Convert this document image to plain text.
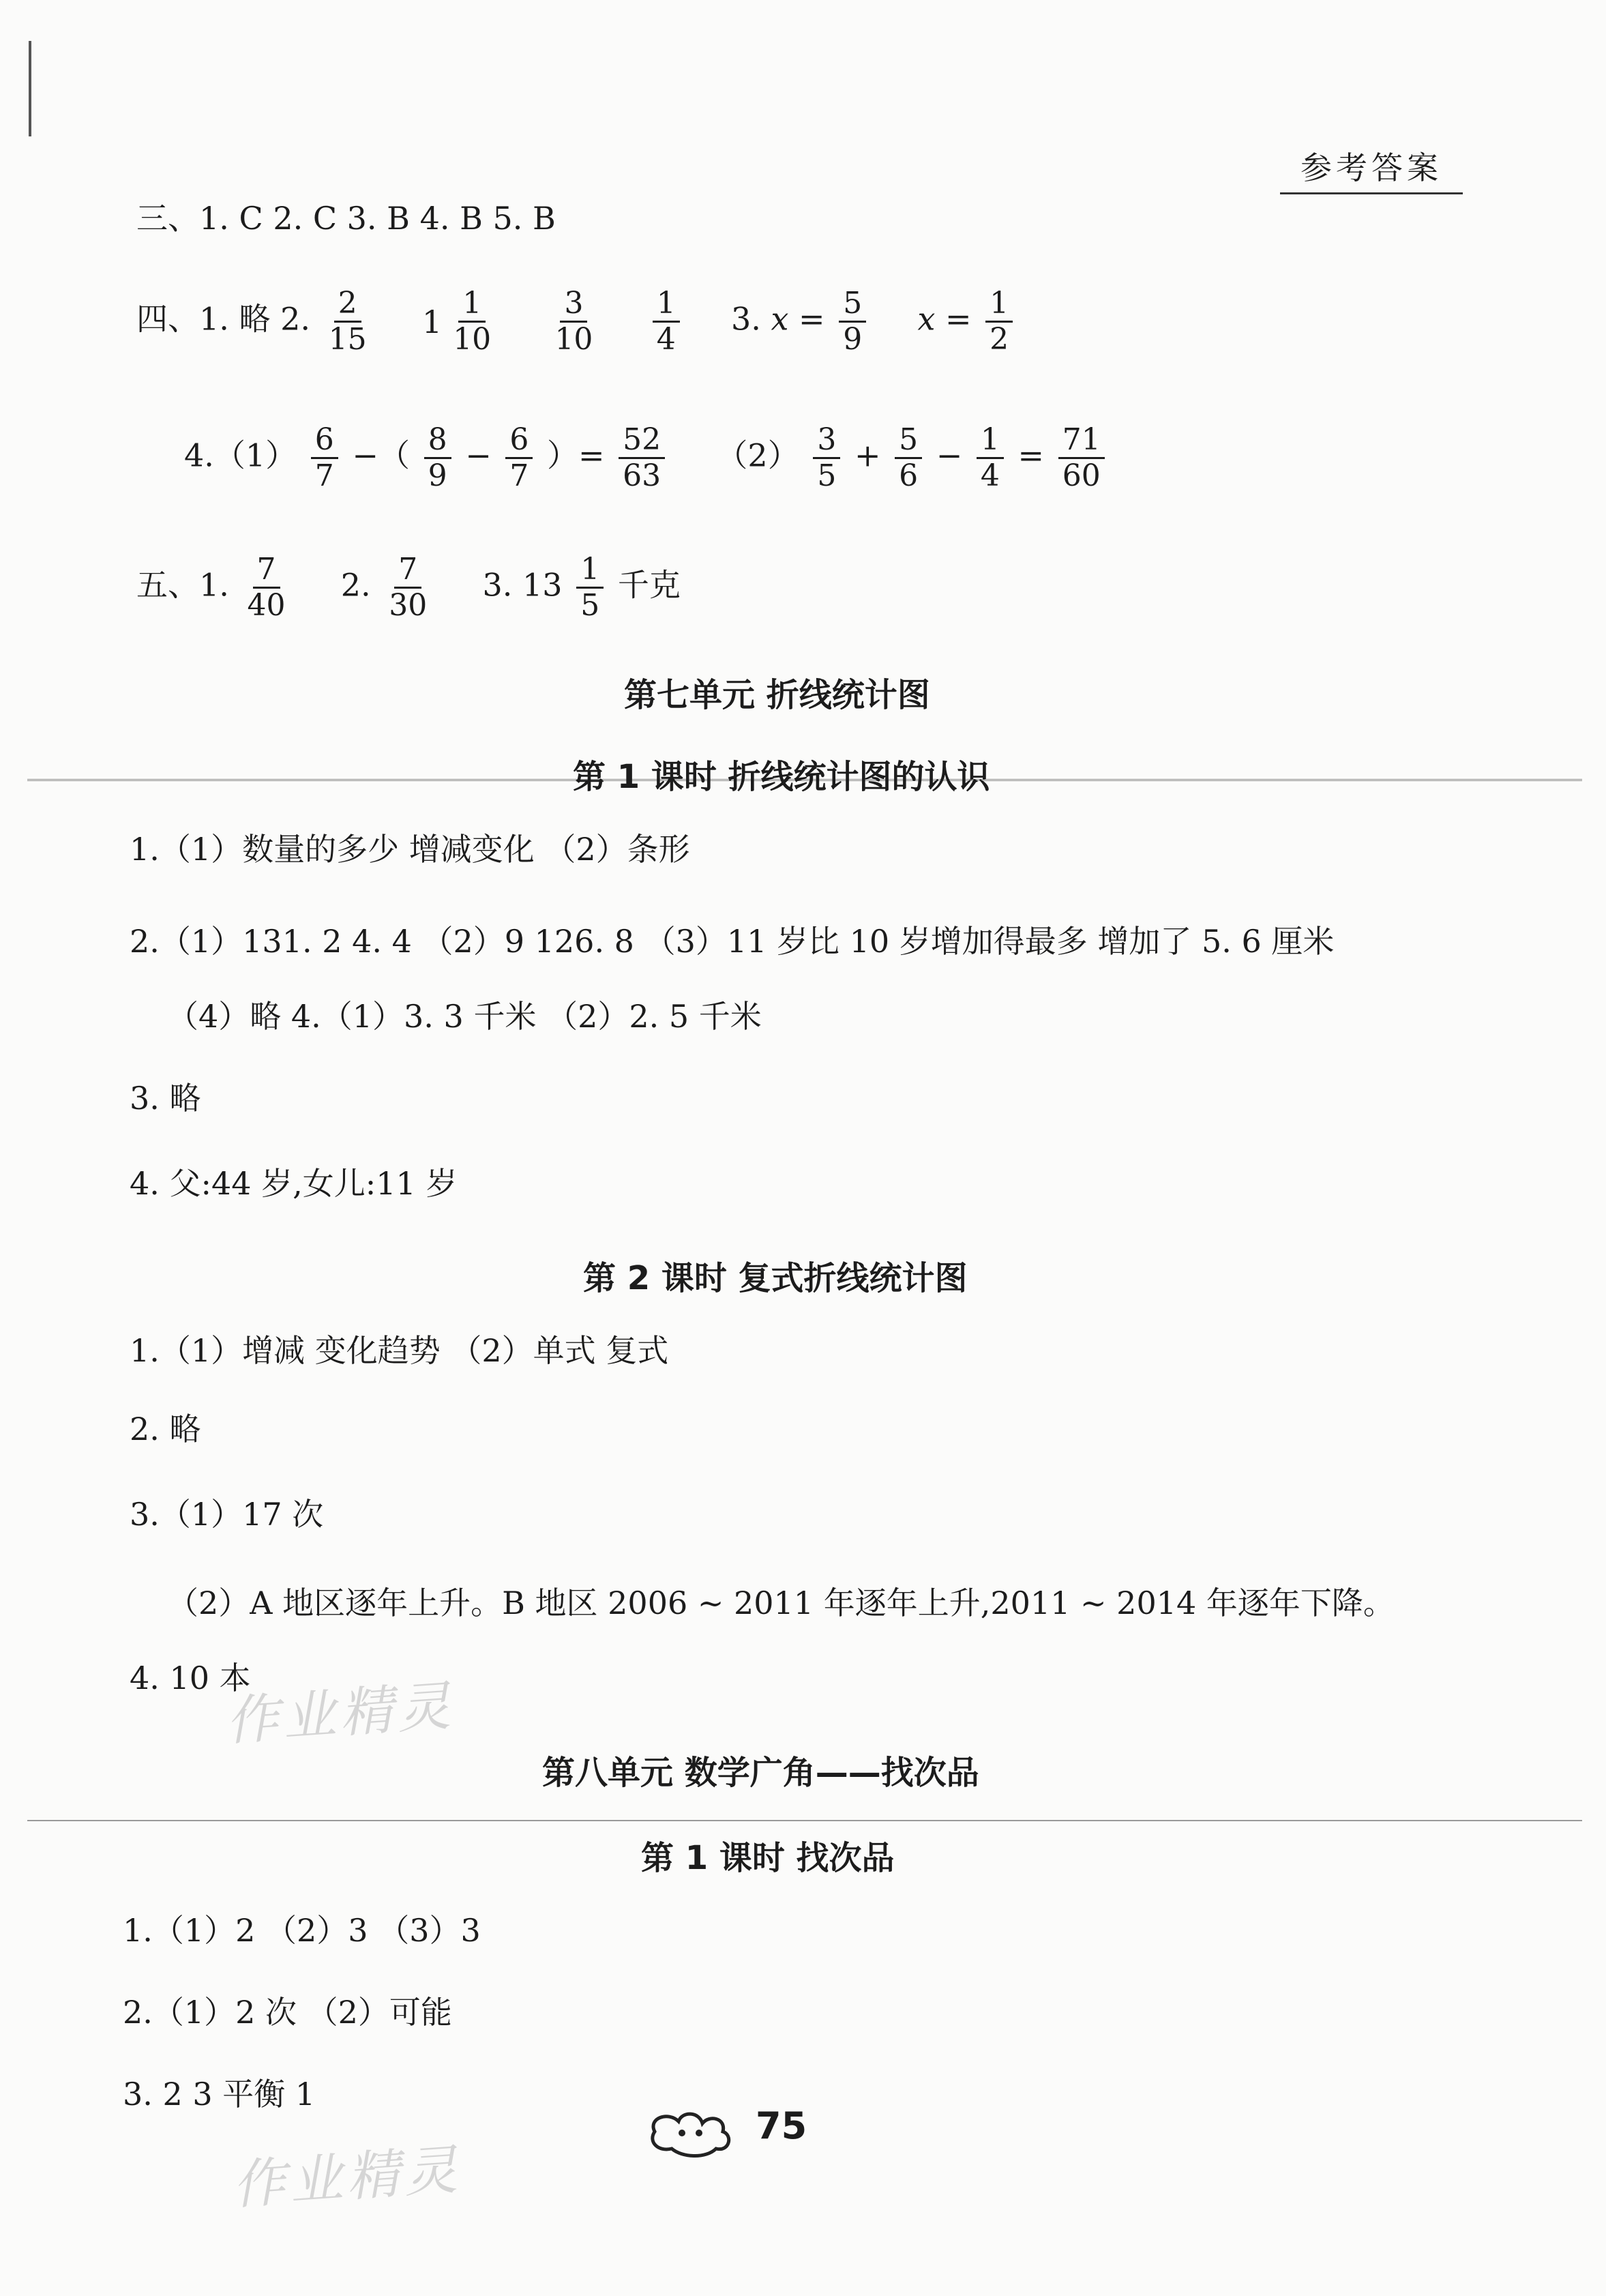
参考答案
三、1. C 2. C 3. B 4. B 5. B
四、1. 略 2. $\frac{2}{15}$
$1 \frac{1}{10}$
$\frac{3}{10}$
$\frac{1}{4} 3$. $x = \frac{5}{9}$ $x = \frac{1}{2}$
$4.(1) \frac{6}{7}$ −（ $\frac{8}{9} - \frac{6}{7}$ ）= $\frac{52}{63} (2) \frac{3}{5} + \frac{5}{6} - \frac{1}{4} = \frac{71}{60}$
五、1. $\frac{7}{40} 2$. $\frac{7}{30} 3$. $13 \frac{1}{5}$ 千克
第七单元 折线统计图
第 1 课时 折线统计图的认识
1.（1）数量的多少 增减变化 （2）条形
2.（1）131. 2 4. 4 （2）9 126. 8 （3）11 岁比 10 岁增加得最多 增加了 5. 6 厘米
（4）略 4.（1）3. 3 千米 （2）2. 5 千米
3. 略
4. 父:44 岁,女儿:11 岁
第 2 课时 复式折线统计图
1.（1）增减 变化趋势 （2）单式 复式
2. 略
3.（1）17 次
（2）A 地区逐年上升。B 地区 2006 ~ 2011 年逐年上升,2011 ~ 2014 年逐年下降。
4. 10 本
作业精灵
第八单元 数学广角——找次品
第 1 课时 找次品
1.（1）2 （2）3 （3）3
2.（1）2 次 （2）可能
3. 2 3 平衡 1
作业精灵
75
